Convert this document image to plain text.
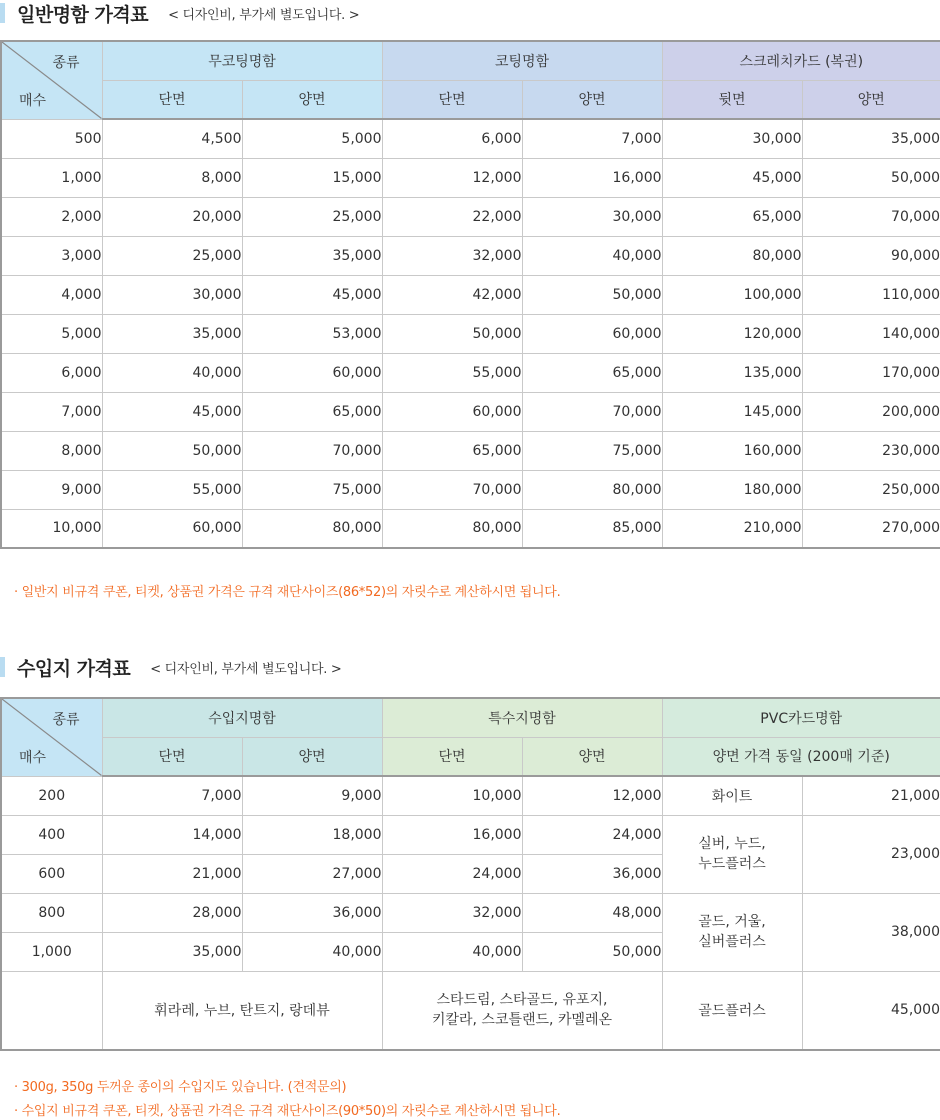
일반명함 가격표 < 디자인비, 부가세 별도입니다. >
종류
매수	무코팅명함		코팅명함		스크레치카드 (복권)	
	단면	양면	단면	양면	뒷면	양면
500	4,500	5,000	6,000	7,000	30,000	35,000
1,000	8,000	15,000	12,000	16,000	45,000	50,000
2,000	20,000	25,000	22,000	30,000	65,000	70,000
3,000	25,000	35,000	32,000	40,000	80,000	90,000
4,000	30,000	45,000	42,000	50,000	100,000	110,000
5,000	35,000	53,000	50,000	60,000	120,000	140,000
6,000	40,000	60,000	55,000	65,000	135,000	170,000
7,000	45,000	65,000	60,000	70,000	145,000	200,000
8,000	50,000	70,000	65,000	75,000	160,000	230,000
9,000	55,000	75,000	70,000	80,000	180,000	250,000
10,000	60,000	80,000	80,000	85,000	210,000	270,000
· 일반지 비규격 쿠폰, 티켓, 상품권 가격은 규격 재단사이즈(86*52)의 자릿수로 계산하시면 됩니다.
수입지 가격표 < 디자인비, 부가세 별도입니다. >
종류
매수	수입지명함		특수지명함		PVC카드명함	
	단면	양면	단면	양면	양면 가격 동일 (200매 기준)	
200	7,000	9,000	10,000	12,000	화이트	21,000
400	14,000	18,000	16,000	24,000	실버, 누드,
누드플러스	23,000
600	21,000	27,000	24,000	36,000		
800	28,000	36,000	32,000	48,000	골드, 거울,
실버플러스	38,000
1,000	35,000	40,000	40,000	50,000		
	휘라레, 누브, 탄트지, 랑데뷰		스타드림, 스타골드, 유포지,
키칼라, 스코틀랜드, 카멜레온		골드플러스	45,000
· 300g, 350g 두꺼운 종이의 수입지도 있습니다. (견적문의)
· 수입지 비규격 쿠폰, 티켓, 상품권 가격은 규격 재단사이즈(90*50)의 자릿수로 계산하시면 됩니다.
